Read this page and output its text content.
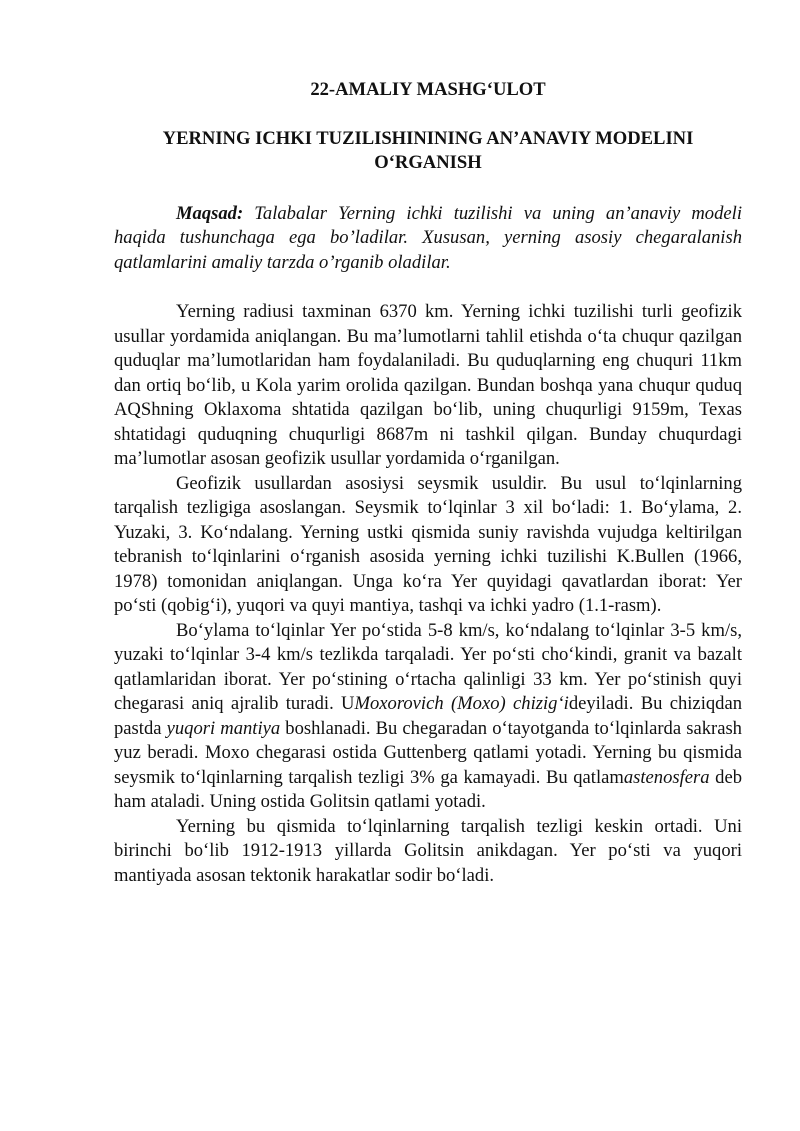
22-AMALIY MASHG‘ULOT

YERNING ICHKI TUZILISHININING AN’ANAVIY MODELINI O‘RGANISH

Maqsad: Talabalar Yerning ichki tuzilishi va uning an’anaviy modeli haqida tushunchaga ega bo’ladilar. Xususan, yerning asosiy chegaralanish qatlamlarini amaliy tarzda o’rganib oladilar.

Yerning radiusi taxminan 6370 km. Yerning ichki tuzilishi turli geofizik usullar yordamida aniqlangan. Bu ma’lumotlarni tahlil etishda o‘ta chuqur qazilgan quduqlar ma’lumotlaridan ham foydalaniladi. Bu quduqlarning eng chuquri 11km dan ortiq bo‘lib, u Kola yarim orolida qazilgan. Bundan boshqa yana chuqur quduq AQShning Oklaxoma shtatida qazilgan bo‘lib, uning chuqurligi 9159m, Texas shtatidagi quduqning chuqurligi 8687m ni tashkil qilgan. Bunday chuqurdagi ma’lumotlar asosan geofizik usullar yordamida o‘rganilgan.

Geofizik usullardan asosiysi seysmik usuldir. Bu usul to‘lqinlarning tarqalish tezligiga asoslangan. Seysmik to‘lqinlar 3 xil bo‘ladi: 1. Bo‘ylama, 2. Yuzaki, 3. Ko‘ndalang. Yerning ustki qismida suniy ravishda vujudga keltirilgan tebranish to‘lqinlarini o‘rganish asosida yerning ichki tuzilishi K.Bullen (1966, 1978) tomonidan aniqlangan. Unga ko‘ra Yer quyidagi qavatlardan iborat: Yer po‘sti (qobig‘i), yuqori va quyi mantiya, tashqi va ichki yadro (1.1-rasm).

Bo‘ylama to‘lqinlar Yer po‘stida 5-8 km/s, ko‘ndalang to‘lqinlar 3-5 km/s, yuzaki to‘lqinlar 3-4 km/s tezlikda tarqaladi. Yer po‘sti cho‘kindi, granit va bazalt qatlamlaridan iborat. Yer po‘stining o‘rtacha qalinligi 33 km. Yer po‘stinish quyi chegarasi aniq ajralib turadi. UMoxorovich (Moxo) chizig‘ideyiladi. Bu chiziqdan pastda yuqori mantiya boshlanadi. Bu chegaradan o‘tayotganda to‘lqinlarda sakrash yuz beradi. Moxo chegarasi ostida Guttenberg qatlami yotadi. Yerning bu qismida seysmik to‘lqinlarning tarqalish tezligi 3% ga kamayadi. Bu qatlamastenosfera deb ham ataladi. Uning ostida Golitsin qatlami yotadi.

Yerning bu qismida to‘lqinlarning tarqalish tezligi keskin ortadi. Uni birinchi bo‘lib 1912-1913 yillarda Golitsin anikdagan. Yer po‘sti va yuqori mantiyada asosan tektonik harakatlar sodir bo‘ladi.
